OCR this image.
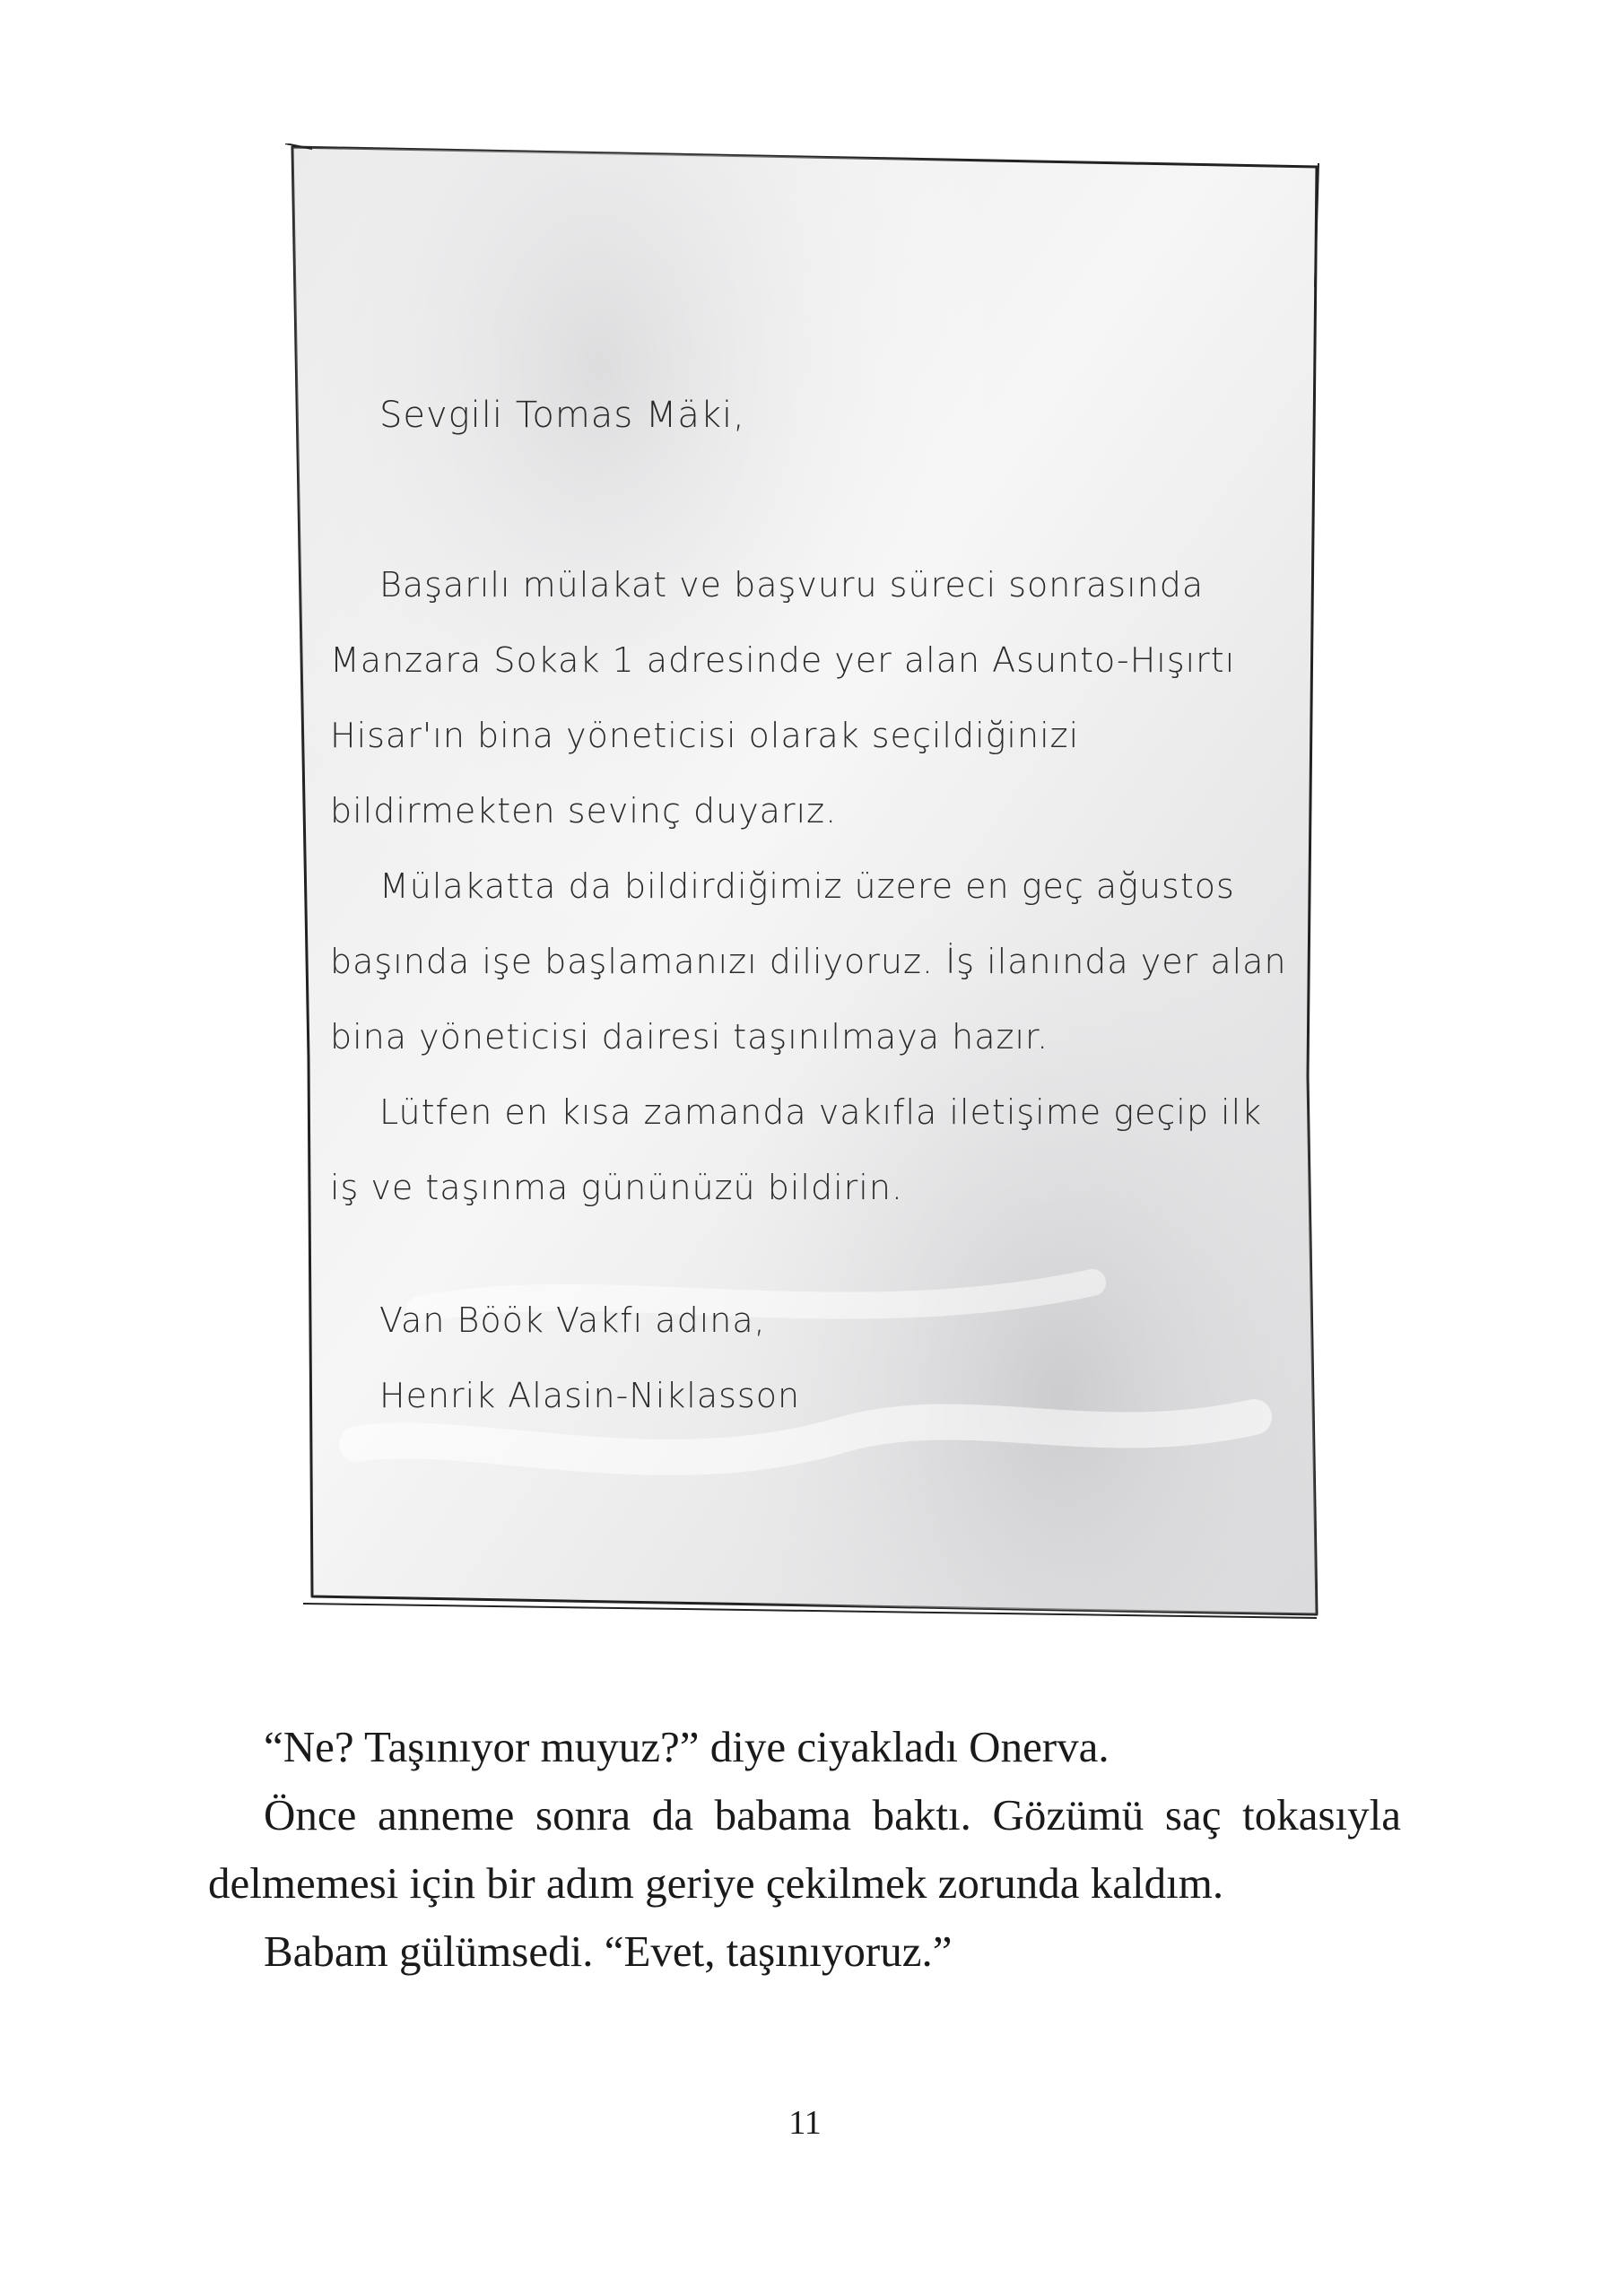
Sevgili Tomas Mäki,

Başarılı mülakat ve başvuru süreci sonrasında Manzara Sokak 1 adresinde yer alan Asunto-Hışırtı Hisar'ın bina yöneticisi olarak seçildiğinizi bildirmekten sevinç duyarız.

Mülakatta da bildirdiğimiz üzere en geç ağustos başında işe başlamanızı diliyoruz. İş ilanında yer alan bina yöneticisi dairesi taşınılmaya hazır.

Lütfen en kısa zamanda vakıfla iletişime geçip ilk iş ve taşınma gününüzü bildirin.

Van Böök Vakfı adına,
Henrik Alasin-Niklasson

“Ne? Taşınıyor muyuz?” diye ciyakladı Onerva.

Önce anneme sonra da babama baktı. Gözümü saç tokasıyla delmemesi için bir adım geriye çekilmek zorunda kaldım.

Babam gülümsedi. “Evet, taşınıyoruz.”

11
